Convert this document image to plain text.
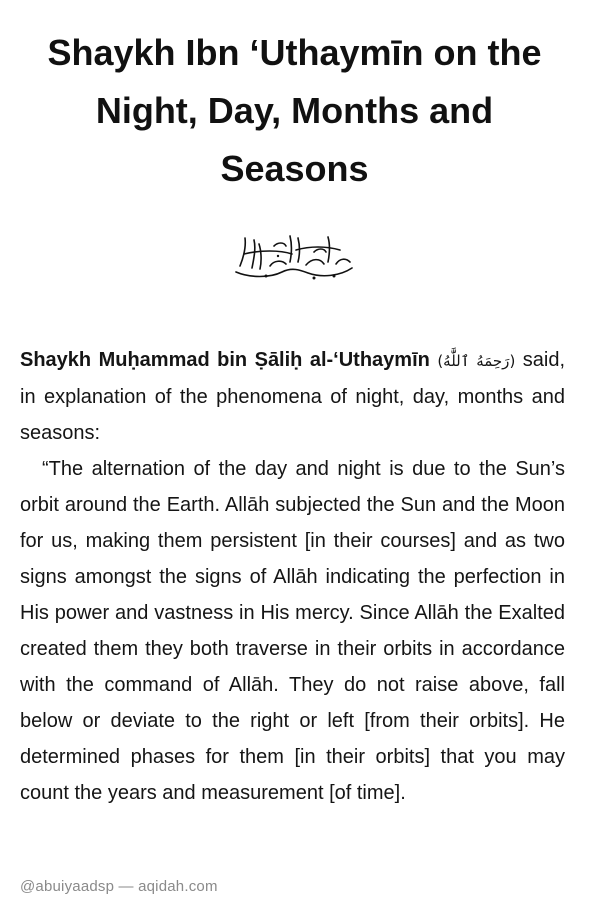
Shaykh Ibn ‘Uthaymīn on the
Night, Day, Months and
Seasons
بسم الله الرحمن الرحيم

Shaykh Muḥammad bin Ṣāliḥ al-‘Uthaymīn (رَحِمَهُ ٱللَّٰهُ) said, in explanation of the phenomena of night, day, months and seasons:

“The alternation of the day and night is due to the Sun’s orbit around the Earth. Allāh subjected the Sun and the Moon for us, making them persistent [in their courses] and as two signs amongst the signs of Allāh indicating the perfection in His power and vastness in His mercy. Since Allāh the Exalted created them they both traverse in their orbits in accordance with the command of Allāh. They do not raise above, fall below or deviate to the right or left [from their orbits]. He determined phases for them [in their orbits] that you may count the years and measurement [of time].

@abuiyaadsp — aqidah.com
